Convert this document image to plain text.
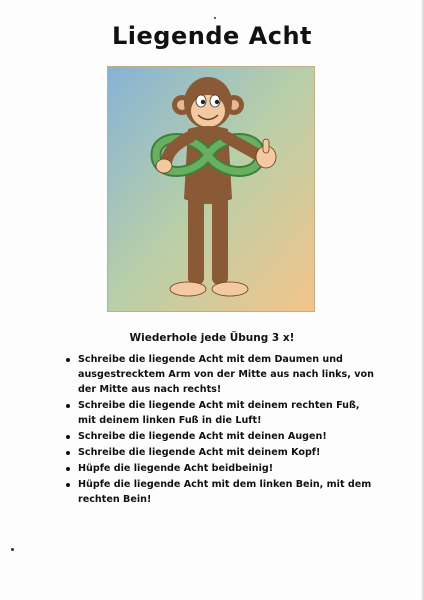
Liegende Acht
Wiederhole jede Übung 3 x!
Schreibe die liegende Acht mit dem Daumen und ausgestrecktem Arm von der Mitte aus nach links, von der Mitte aus nach rechts!
Schreibe die liegende Acht mit deinem rechten Fuß, mit deinem linken Fuß in die Luft!
Schreibe die liegende Acht mit deinen Augen!
Schreibe die liegende Acht mit deinem Kopf!
Hüpfe die liegende Acht beidbeinig!
Hüpfe die liegende Acht mit dem linken Bein, mit dem rechten Bein!
